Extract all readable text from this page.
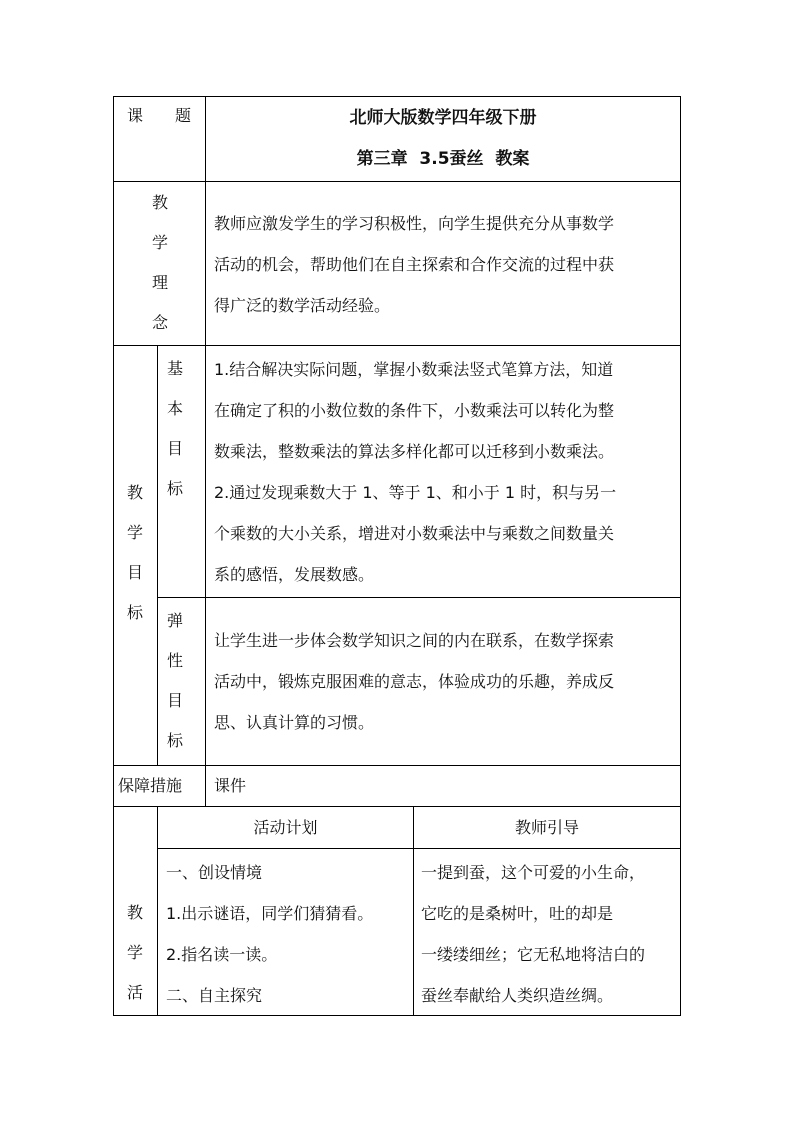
课　　题	北师大版数学四年级下册
第三章  3.5蚕丝  教案
教
学
理
念
教师应激发学生的学习积极性，向学生提供充分从事数学
活动的机会，帮助他们在自主探索和合作交流的过程中获
得广泛的数学活动经验。
教
学
目
标
基
本
目
标
1.结合解决实际问题，掌握小数乘法竖式笔算方法，知道
在确定了积的小数位数的条件下，小数乘法可以转化为整
数乘法，整数乘法的算法多样化都可以迁移到小数乘法。
2.通过发现乘数大于 1、等于 1、和小于 1 时，积与另一
个乘数的大小关系，增进对小数乘法中与乘数之间数量关
系的感悟，发展数感。
弹
性
目
标
让学生进一步体会数学知识之间的内在联系，在数学探索
活动中，锻炼克服困难的意志，体验成功的乐趣，养成反
思、认真计算的习惯。
保障措施 课件
教
学
活
活动计划	教师引导
一、创设情境
1.出示谜语，同学们猜猜看。
2.指名读一读。
二、自主探究
一提到蚕，这个可爱的小生命，
它吃的是桑树叶，吐的却是
一缕缕细丝；它无私地将洁白的
蚕丝奉献给人类织造丝绸。
